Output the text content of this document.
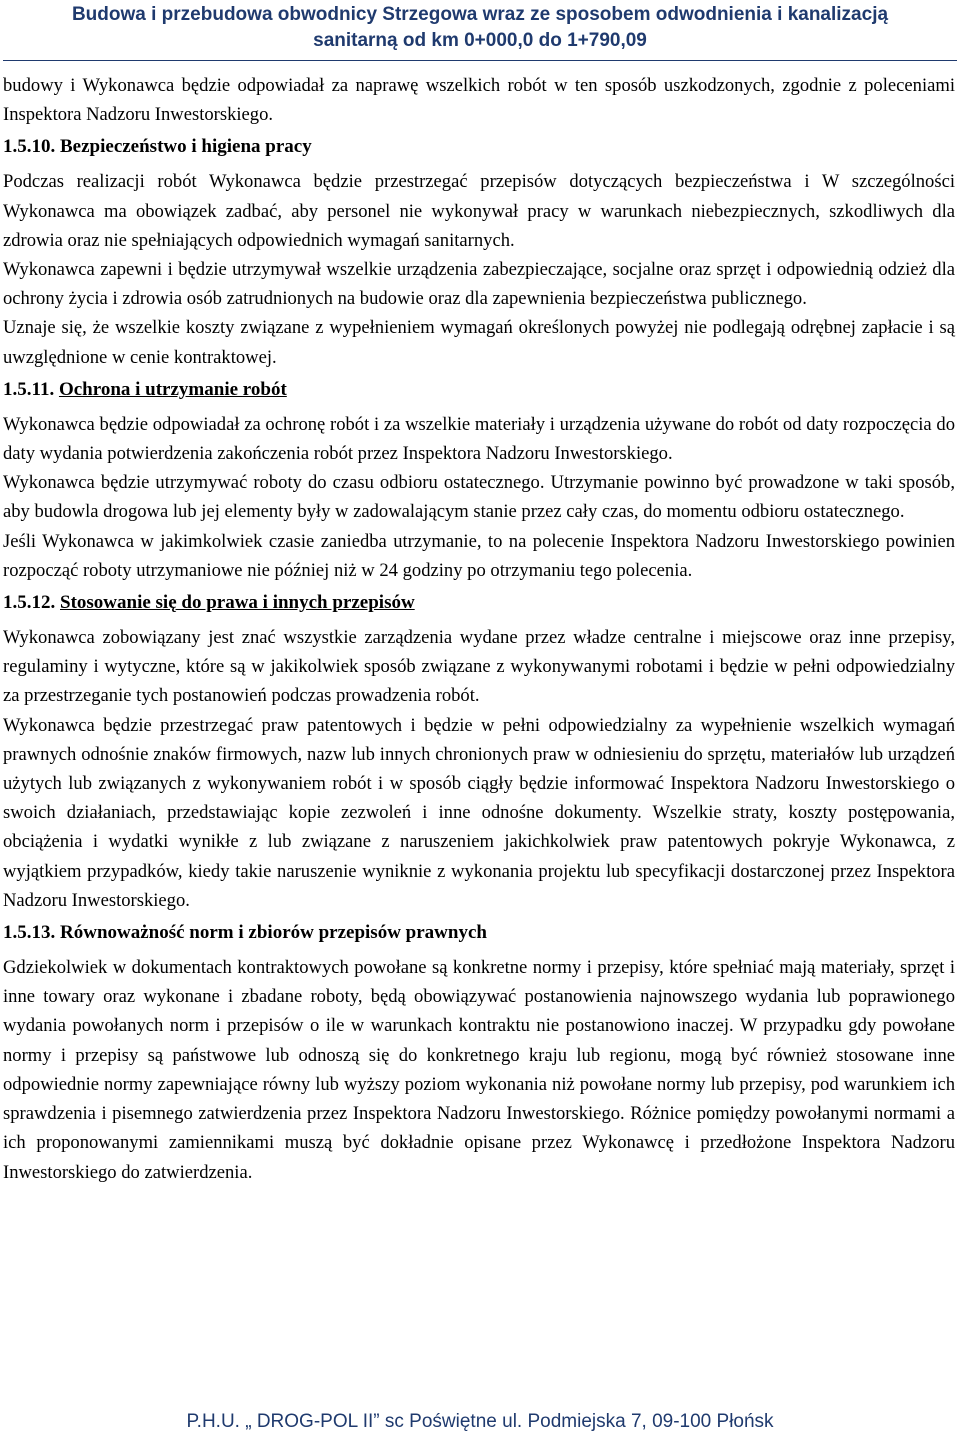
Budowa i przebudowa obwodnicy Strzegowa wraz ze sposobem odwodnienia i kanalizacją
sanitarną od km 0+000,0 do 1+790,09

budowy i Wykonawca będzie odpowiadał za naprawę wszelkich robót w ten sposób uszkodzonych, zgodnie z poleceniami Inspektora Nadzoru Inwestorskiego.

1.5.10. Bezpieczeństwo i higiena pracy

Podczas realizacji robót Wykonawca będzie przestrzegać przepisów dotyczących bezpieczeństwa i W szczególności Wykonawca ma obowiązek zadbać, aby personel nie wykonywał pracy w warunkach niebezpiecznych, szkodliwych dla zdrowia oraz nie spełniających odpowiednich wymagań sanitarnych.

Wykonawca zapewni i będzie utrzymywał wszelkie urządzenia zabezpieczające, socjalne oraz sprzęt i odpowiednią odzież dla ochrony życia i zdrowia osób zatrudnionych na budowie oraz dla zapewnienia bezpieczeństwa publicznego.

Uznaje się, że wszelkie koszty związane z wypełnieniem wymagań określonych powyżej nie podlegają odrębnej zapłacie i są uwzględnione w cenie kontraktowej.

1.5.11. Ochrona i utrzymanie robót

Wykonawca będzie odpowiadał za ochronę robót i za wszelkie materiały i urządzenia używane do robót od daty rozpoczęcia do daty wydania potwierdzenia zakończenia robót przez Inspektora Nadzoru Inwestorskiego.

Wykonawca będzie utrzymywać roboty do czasu odbioru ostatecznego. Utrzymanie powinno być prowadzone w taki sposób, aby budowla drogowa lub jej elementy były w zadowalającym stanie przez cały czas, do momentu odbioru ostatecznego.

Jeśli Wykonawca w jakimkolwiek czasie zaniedba utrzymanie, to na polecenie Inspektora Nadzoru Inwestorskiego powinien rozpocząć roboty utrzymaniowe nie później niż w 24 godziny po otrzymaniu tego polecenia.

1.5.12. Stosowanie się do prawa i innych przepisów

Wykonawca zobowiązany jest znać wszystkie zarządzenia wydane przez władze centralne i miejscowe oraz inne przepisy, regulaminy i wytyczne, które są w jakikolwiek sposób związane z wykonywanymi robotami i będzie w pełni odpowiedzialny za przestrzeganie tych postanowień podczas prowadzenia robót.

Wykonawca będzie przestrzegać praw patentowych i będzie w pełni odpowiedzialny za wypełnienie wszelkich wymagań prawnych odnośnie znaków firmowych, nazw lub innych chronionych praw w odniesieniu do sprzętu, materiałów lub urządzeń użytych lub związanych z wykonywaniem robót i w sposób ciągły będzie informować Inspektora Nadzoru Inwestorskiego o swoich działaniach, przedstawiając kopie zezwoleń i inne odnośne dokumenty. Wszelkie straty, koszty postępowania, obciążenia i wydatki wynikłe z lub związane z naruszeniem jakichkolwiek praw patentowych pokryje Wykonawca, z wyjątkiem przypadków, kiedy takie naruszenie wyniknie z wykonania projektu lub specyfikacji dostarczonej przez Inspektora Nadzoru Inwestorskiego.

1.5.13. Równoważność norm i zbiorów przepisów prawnych

Gdziekolwiek w dokumentach kontraktowych powołane są konkretne normy i przepisy, które spełniać mają materiały, sprzęt i inne towary oraz wykonane i zbadane roboty, będą obowiązywać postanowienia najnowszego wydania lub poprawionego wydania powołanych norm i przepisów o ile w warunkach kontraktu nie postanowiono inaczej. W przypadku gdy powołane normy i przepisy są państwowe lub odnoszą się do konkretnego kraju lub regionu, mogą być również stosowane inne odpowiednie normy zapewniające równy lub wyższy poziom wykonania niż powołane normy lub przepisy, pod warunkiem ich sprawdzenia i pisemnego zatwierdzenia przez Inspektora Nadzoru Inwestorskiego. Różnice pomiędzy powołanymi normami a ich proponowanymi zamiennikami muszą być dokładnie opisane przez Wykonawcę i przedłożone Inspektora Nadzoru Inwestorskiego do zatwierdzenia.

P.H.U. „ DROG-POL II” sc Poświętne ul. Podmiejska 7, 09-100 Płońsk
